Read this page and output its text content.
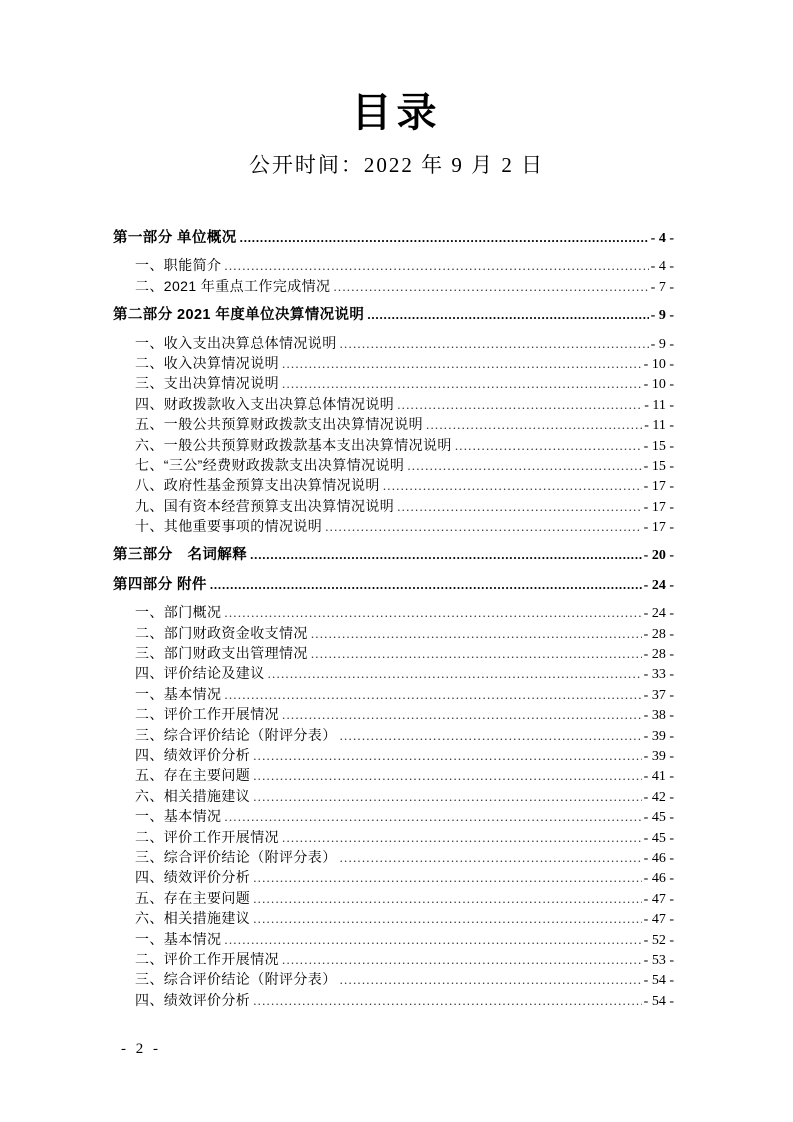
目录
公开时间：2022 年 9 月 2 日
第一部分 单位概况 .....	- 4 -
一、职能简介 .....	- 4 -
二、2021 年重点工作完成情况 .....	- 7 -
第二部分 2021 年度单位决算情况说明 .....	- 9 -
一、收入支出决算总体情况说明 .....	- 9 -
二、收入决算情况说明 .....	- 10 -
三、支出决算情况说明 .....	- 10 -
四、财政拨款收入支出决算总体情况说明 .....	- 11 -
五、一般公共预算财政拨款支出决算情况说明 .....	- 11 -
六、一般公共预算财政拨款基本支出决算情况说明 .....	- 15 -
七、“三公”经费财政拨款支出决算情况说明 .....	- 15 -
八、政府性基金预算支出决算情况说明 .....	- 17 -
九、国有资本经营预算支出决算情况说明 .....	- 17 -
十、其他重要事项的情况说明 .....	- 17 -
第三部分　名词解释 .....	- 20 -
第四部分 附件 .....	- 24 -
一、部门概况 .....	- 24 -
二、部门财政资金收支情况 .....	- 28 -
三、部门财政支出管理情况 .....	- 28 -
四、评价结论及建议 .....	- 33 -
一、基本情况 .....	- 37 -
二、评价工作开展情况 .....	- 38 -
三、综合评价结论（附评分表） .....	- 39 -
四、绩效评价分析 .....	- 39 -
五、存在主要问题 .....	- 41 -
六、相关措施建议 .....	- 42 -
一、基本情况 .....	- 45 -
二、评价工作开展情况 .....	- 45 -
三、综合评价结论（附评分表） .....	- 46 -
四、绩效评价分析 .....	- 46 -
五、存在主要问题 .....	- 47 -
六、相关措施建议 .....	- 47 -
一、基本情况 .....	- 52 -
二、评价工作开展情况 .....	- 53 -
三、综合评价结论（附评分表） .....	- 54 -
四、绩效评价分析 .....	- 54 -
- 2 -
